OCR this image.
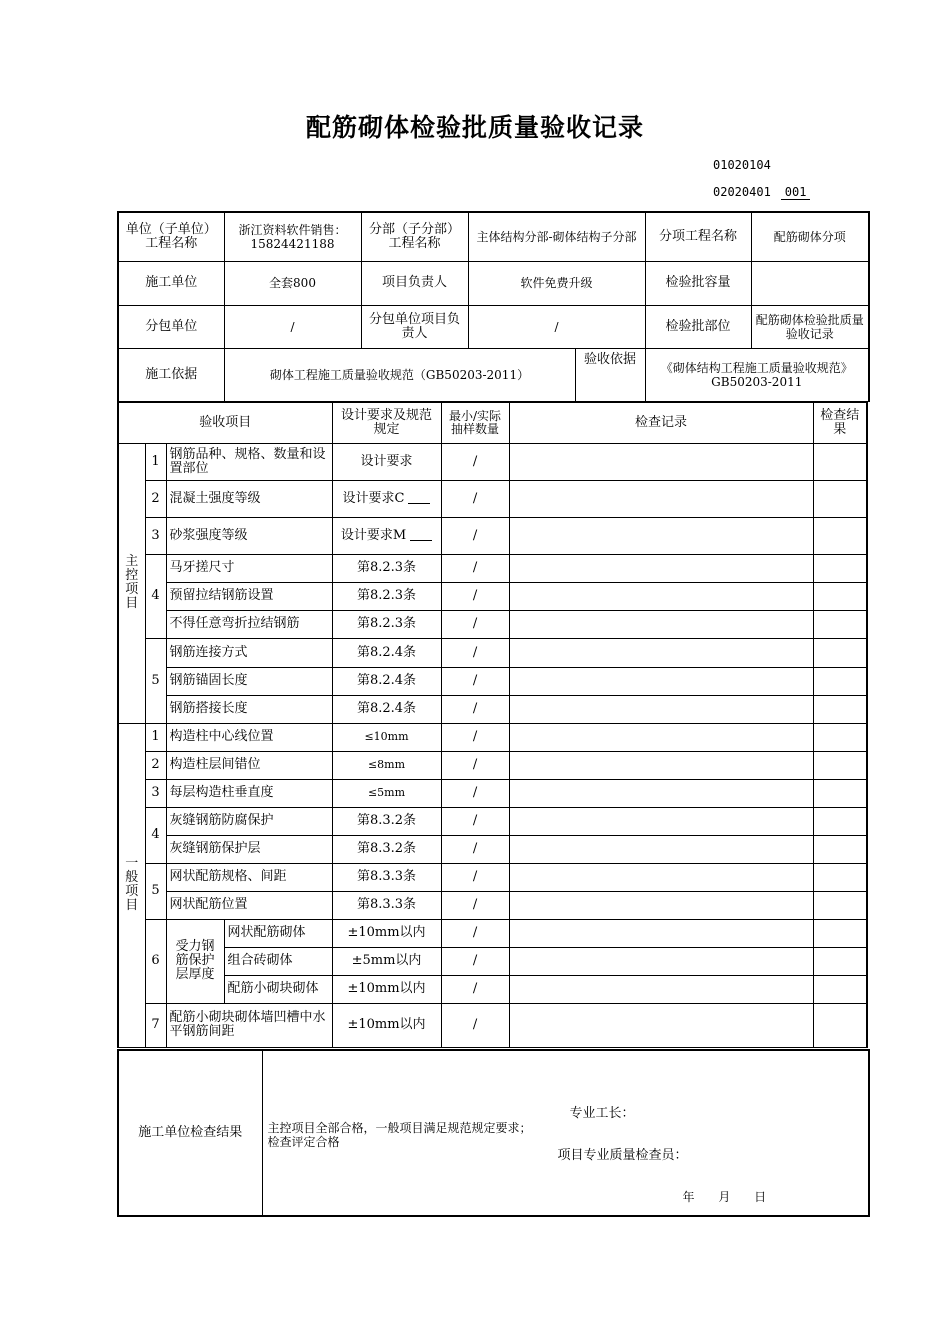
配筋砌体检验批质量验收记录
01020104
02020401 001
单位（子单位）工程名称	浙江资料软件销售：15824421188	分部（子分部）工程名称	主体结构分部-砌体结构子分部		分项工程名称	配筋砌体分项
施工单位	全套800	项目负责人	软件免费升级		检验批容量	
分包单位	/	分包单位项目负责人	/		检验批部位	配筋砌体检验批质量验收记录
施工依据	砌体工程施工质量验收规范（GB50203-2011）			验收依据	《砌体结构工程施工质量验收规范》GB50203-2011	
验收项目				设计要求及规范规定	最小/实际抽样数量	检查记录	检查结果
主控项目	1	钢筋品种、规格、数量和设置部位		设计要求	/		
	2	混凝土强度等级		设计要求C	/		
	3	砂浆强度等级		设计要求M	/		
	4	马牙搓尺寸		第8.2.3条	/		
		预留拉结钢筋设置		第8.2.3条	/		
		不得任意弯折拉结钢筋		第8.2.3条	/		
	5	钢筋连接方式		第8.2.4条	/		
		钢筋锚固长度		第8.2.4条	/		
		钢筋搭接长度		第8.2.4条	/		
一般项目	1	构造柱中心线位置		≤10mm	/		
	2	构造柱层间错位		≤8mm	/		
	3	每层构造柱垂直度		≤5mm	/		
	4	灰缝钢筋防腐保护		第8.3.2条	/		
		灰缝钢筋保护层		第8.3.2条	/		
	5	网状配筋规格、间距		第8.3.3条	/		
		网状配筋位置		第8.3.3条	/		
	6	受力钢筋保护层厚度	网状配筋砌体	±10mm以内	/		
			组合砖砌体	±5mm以内	/		
			配筋小砌块砌体	±10mm以内	/		
	7	配筋小砌块砌体墙凹槽中水平钢筋间距		±10mm以内	/		
施工单位检查结果	主控项目全部合格，一般项目满足规范规定要求；检查评定合格
专业工长：
项目专业质量检查员：
年 月 日
